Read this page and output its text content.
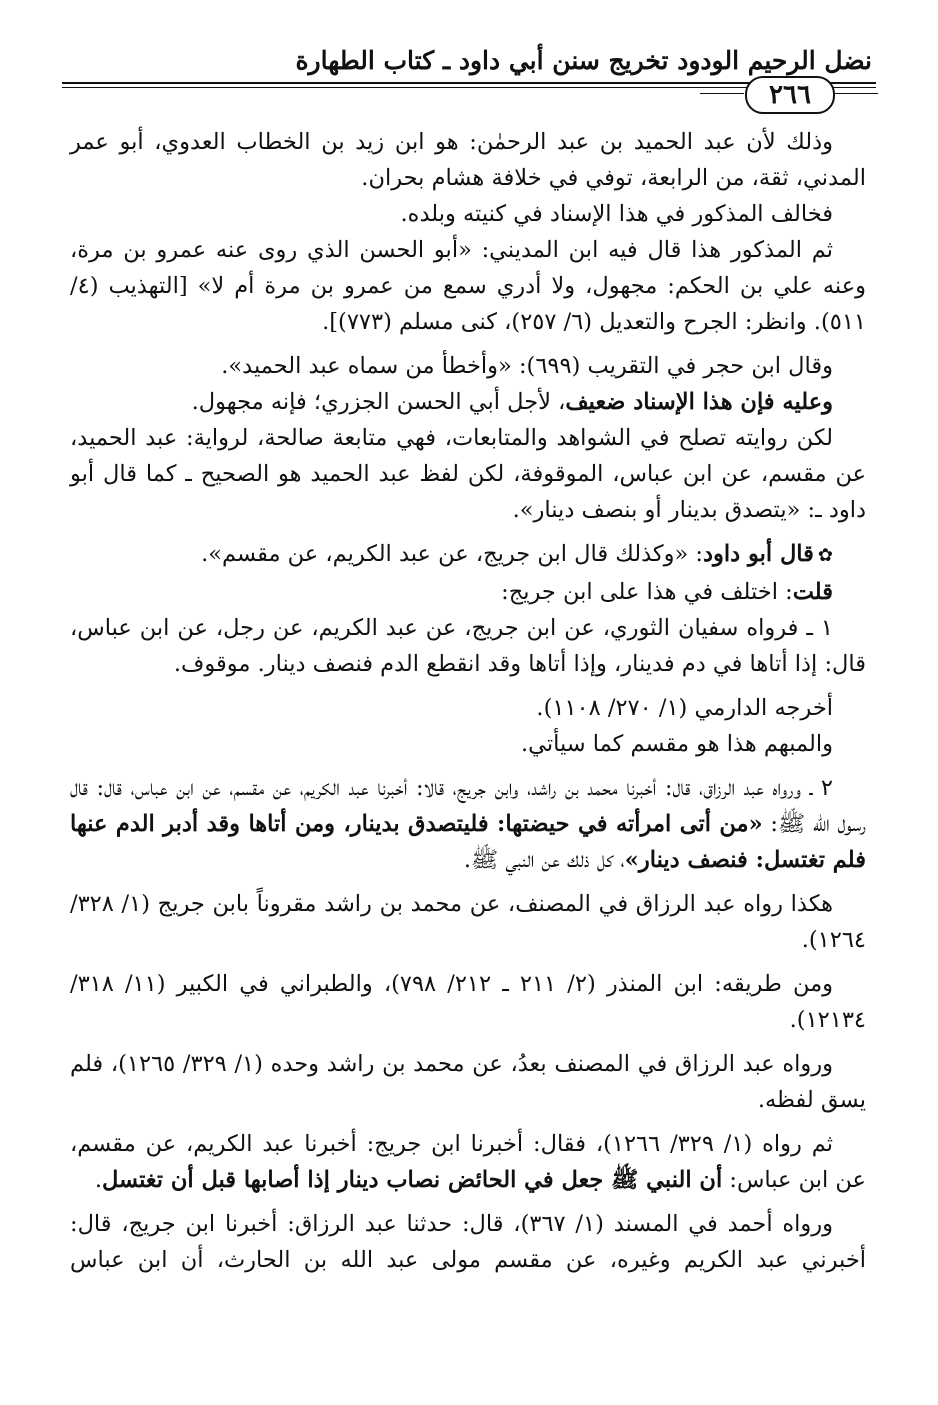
نضل الرحيم الودود تخريج سنن أبي داود ـ كتاب الطهارة
٢٦٦

وذلك لأن عبد الحميد بن عبد الرحمٰن: هو ابن زيد بن الخطاب العدوي، أبو عمر المدني، ثقة، من الرابعة، توفي في خلافة هشام بحران.

فخالف المذكور في هذا الإسناد في كنيته وبلده.

ثم المذكور هذا قال فيه ابن المديني: «أبو الحسن الذي روى عنه عمرو بن مرة، وعنه علي بن الحكم: مجهول، ولا أدري سمع من عمرو بن مرة أم لا» [التهذيب (٤/ ٥١١). وانظر: الجرح والتعديل (٦/ ٢٥٧)، كنى مسلم (٧٧٣)].

وقال ابن حجر في التقريب (٦٩٩): «وأخطأ من سماه عبد الحميد».

وعليه فإن هذا الإسناد ضعيف، لأجل أبي الحسن الجزري؛ فإنه مجهول.

لكن روايته تصلح في الشواهد والمتابعات، فهي متابعة صالحة، لرواية: عبد الحميد، عن مقسم، عن ابن عباس، الموقوفة، لكن لفظ عبد الحميد هو الصحيح ـ كما قال أبو داود ـ: «يتصدق بدينار أو بنصف دينار».

✿قال أبو داود: «وكذلك قال ابن جريج، عن عبد الكريم، عن مقسم».

قلت: اختلف في هذا على ابن جريج:

١ ـ فرواه سفيان الثوري، عن ابن جريج، عن عبد الكريم، عن رجل، عن ابن عباس، قال: إذا أتاها في دم فدينار، وإذا أتاها وقد انقطع الدم فنصف دينار. موقوف.

أخرجه الدارمي (١/ ٢٧٠/ ١١٠٨).

والمبهم هذا هو مقسم كما سيأتي.

٢ ـ ورواه عبد الرزاق، قال: أخبرنا محمد بن راشد، وابن جريج، قالا: أخبرنا عبد الكريم، عن مقسم، عن ابن عباس، قال: قال رسول الله ﷺ: «من أتى امرأته في حيضتها: فليتصدق بدينار، ومن أتاها وقد أدبر الدم عنها فلم تغتسل: فنصف دينار»، كل ذلك عن النبي ﷺ.

هكذا رواه عبد الرزاق في المصنف، عن محمد بن راشد مقروناً بابن جريج (١/ ٣٢٨/ ١٢٦٤).

ومن طريقه: ابن المنذر (٢/ ٢١١ ـ ٢١٢/ ٧٩٨)، والطبراني في الكبير (١١/ ٣١٨/ ١٢١٣٤).

ورواه عبد الرزاق في المصنف بعدُ، عن محمد بن راشد وحده (١/ ٣٢٩/ ١٢٦٥)، فلم يسق لفظه.

ثم رواه (١/ ٣٢٩/ ١٢٦٦)، فقال: أخبرنا ابن جريج: أخبرنا عبد الكريم، عن مقسم، عن ابن عباس: أن النبي ﷺ جعل في الحائض نصاب دينار إذا أصابها قبل أن تغتسل.

ورواه أحمد في المسند (١/ ٣٦٧)، قال: حدثنا عبد الرزاق: أخبرنا ابن جريج، قال: أخبرني عبد الكريم وغيره، عن مقسم مولى عبد الله بن الحارث، أن ابن عباس
